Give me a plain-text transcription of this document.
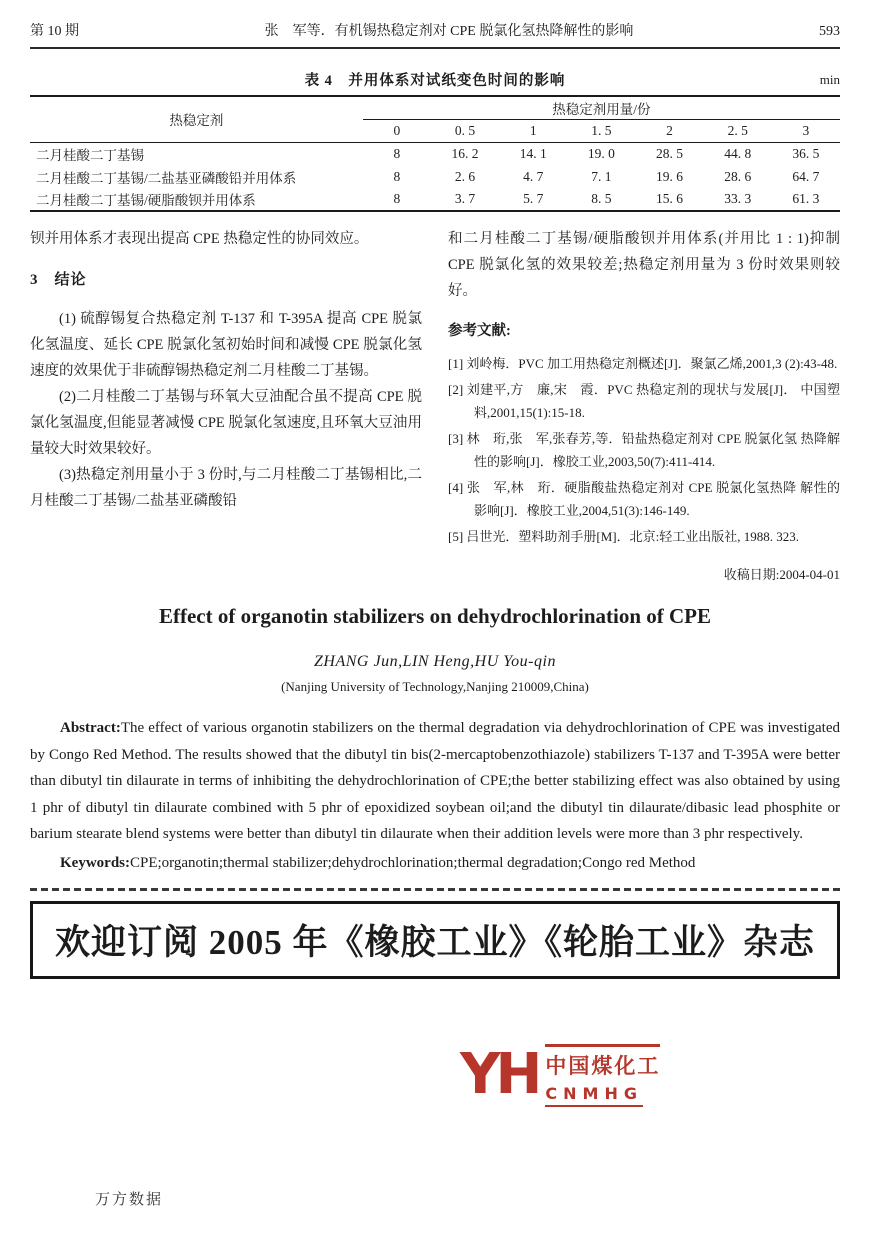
第 10 期	张　军等．有机锡热稳定剂对 CPE 脱氯化氢热降解性的影响	593
表 4　并用体系对试纸变色时间的影响	min
热稳定剂	热稳定剂用量/份						
	0	0. 5	1	1. 5	2	2. 5	3
二月桂酸二丁基锡	8	16. 2	14. 1	19. 0	28. 5	44. 8	36. 5
二月桂酸二丁基锡/二盐基亚磷酸铅并用体系	8	2. 6	4. 7	7. 1	19. 6	28. 6	64. 7
二月桂酸二丁基锡/硬脂酸钡并用体系	8	3. 7	5. 7	8. 5	15. 6	33. 3	61. 3

钡并用体系才表现出提高 CPE 热稳定性的协同效应。

3　结论

(1) 硫醇锡复合热稳定剂 T-137 和 T-395A 提高 CPE 脱氯化氢温度、延长 CPE 脱氯化氢初始时间和减慢 CPE 脱氯化氢速度的效果优于非硫醇锡热稳定剂二月桂酸二丁基锡。

(2)二月桂酸二丁基锡与环氧大豆油配合虽不提高 CPE 脱氯化氢温度,但能显著减慢 CPE 脱氯化氢速度,且环氧大豆油用量较大时效果较好。

(3)热稳定剂用量小于 3 份时,与二月桂酸二丁基锡相比,二月桂酸二丁基锡/二盐基亚磷酸铅

和二月桂酸二丁基锡/硬脂酸钡并用体系(并用比 1 : 1)抑制 CPE 脱氯化氢的效果较差;热稳定剂用量为 3 份时效果则较好。

参考文献:
[1] 刘岭梅．PVC 加工用热稳定剂概述[J]．聚氯乙烯,2001,3 (2):43-48.
[2] 刘建平,方　廉,宋　霞．PVC 热稳定剂的现状与发展[J]． 中国塑料,2001,15(1):15-18.
[3] 林　珩,张　军,张春芳,等．铅盐热稳定剂对 CPE 脱氯化氢 热降解性的影响[J]．橡胶工业,2003,50(7):411-414.
[4] 张　军,林　珩．硬脂酸盐热稳定剂对 CPE 脱氯化氢热降 解性的影响[J]．橡胶工业,2004,51(3):146-149.
[5] 吕世光．塑料助剂手册[M]．北京:轻工业出版社, 1988. 323.
收稿日期:2004-04-01
Effect of organotin stabilizers on dehydrochlorination of CPE
ZHANG Jun,LIN Heng,HU You-qin
(Nanjing University of Technology,Nanjing 210009,China)

Abstract:The effect of various organotin stabilizers on the thermal degradation via dehydrochlorination of CPE was investigated by Congo Red Method. The results showed that the dibutyl tin bis(2-mercaptobenzothiazole) stabilizers T-137 and T-395A were better than dibutyl tin dilaurate in terms of inhibiting the dehydrochlorination of CPE;the better stabilizing effect was also obtained by using 1 phr of dibutyl tin dilaurate combined with 5 phr of epoxidized soybean oil;and the dibutyl tin dilaurate/dibasic lead phosphite or barium stearate blend systems were better than dibutyl tin dilaurate when their addition levels were more than 3 phr respectively.

Keywords:CPE;organotin;thermal stabilizer;dehydrochlorination;thermal degradation;Congo red Method

欢迎订阅 2005 年《橡胶工业》《轮胎工业》杂志
YH 中国煤化工
CNMHG
万方数据
